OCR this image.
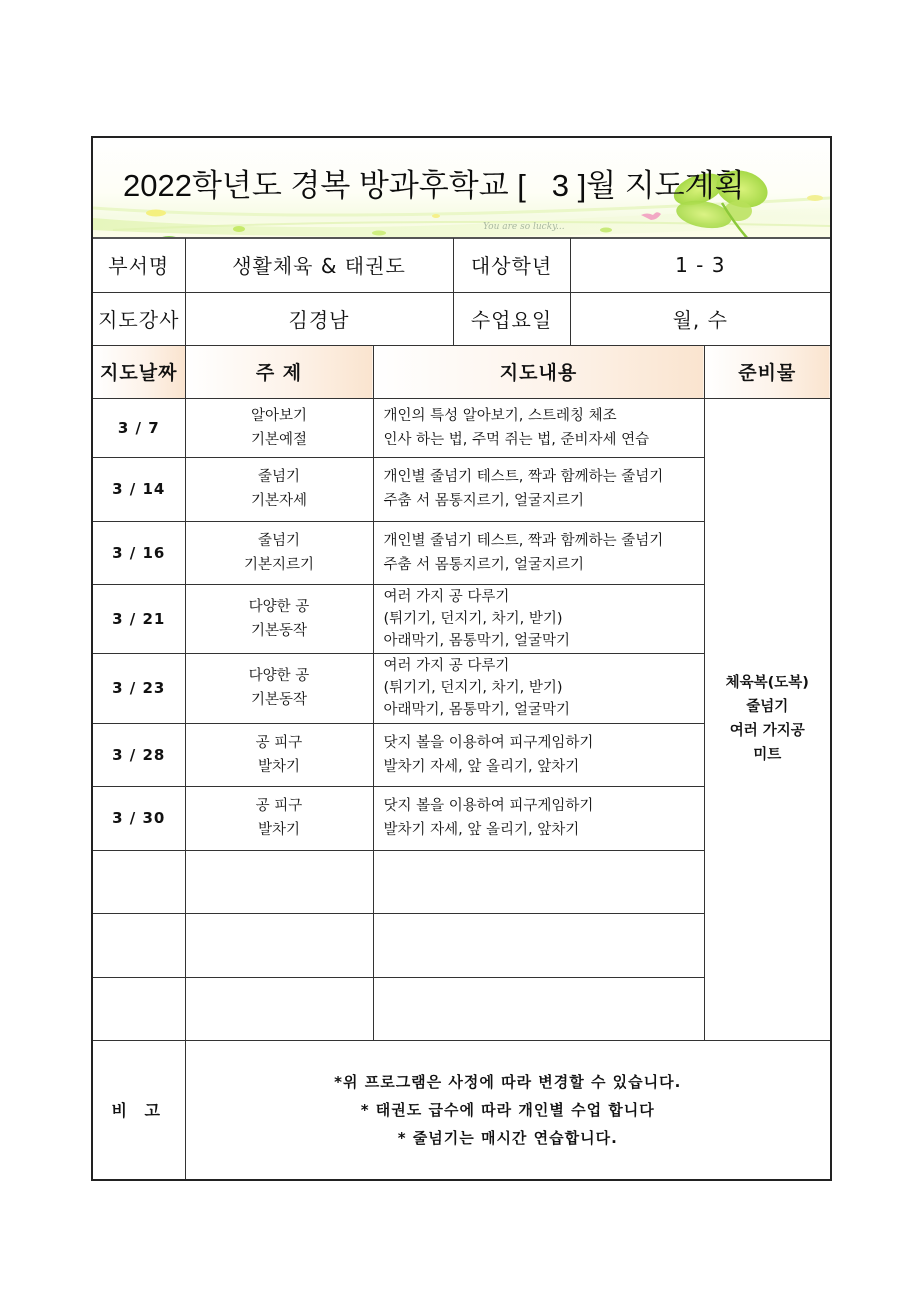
You are so lucky...
2022학년도 경복 방과후학교 [   3 ]월 지도계획
부서명	생활체육 & 태권도		대상학년	1 - 3	
지도강사	김경남		수업요일	월, 수	
지도날짜	주 제	지도내용			준비물
3 / 7	알아보기
기본예절	개인의 특성 알아보기, 스트레칭 체조
인사 하는 법, 주먹 쥐는 법, 준비자세 연습			체육복(도복)
줄넘기
여러 가지공
미트

3 / 14	줄넘기
기본자세	개인별 줄넘기 테스트, 짝과 함께하는 줄넘기
주춤 서 몸통지르기, 얼굴지르기			

3 / 16	줄넘기
기본지르기	개인별 줄넘기 테스트, 짝과 함께하는 줄넘기
주춤 서 몸통지르기, 얼굴지르기			

3 / 21	다양한 공
기본동작	여러 가지 공 다루기
(튀기기, 던지기, 차기, 받기)
아래막기, 몸통막기, 얼굴막기			

3 / 23	다양한 공
기본동작	여러 가지 공 다루기
(튀기기, 던지기, 차기, 받기)
아래막기, 몸통막기, 얼굴막기			

3 / 28	공 피구
발차기	닷지 볼을 이용하여 피구게임하기
발차기 자세, 앞 올리기, 앞차기			

3 / 30	공 피구
발차기	닷지 볼을 이용하여 피구게임하기
발차기 자세, 앞 올리기, 앞차기			

비 고	*위 프로그램은 사정에 따라 변경할 수 있습니다.
* 태권도 급수에 따라 개인별 수업 합니다
* 줄넘기는 매시간 연습합니다.				
